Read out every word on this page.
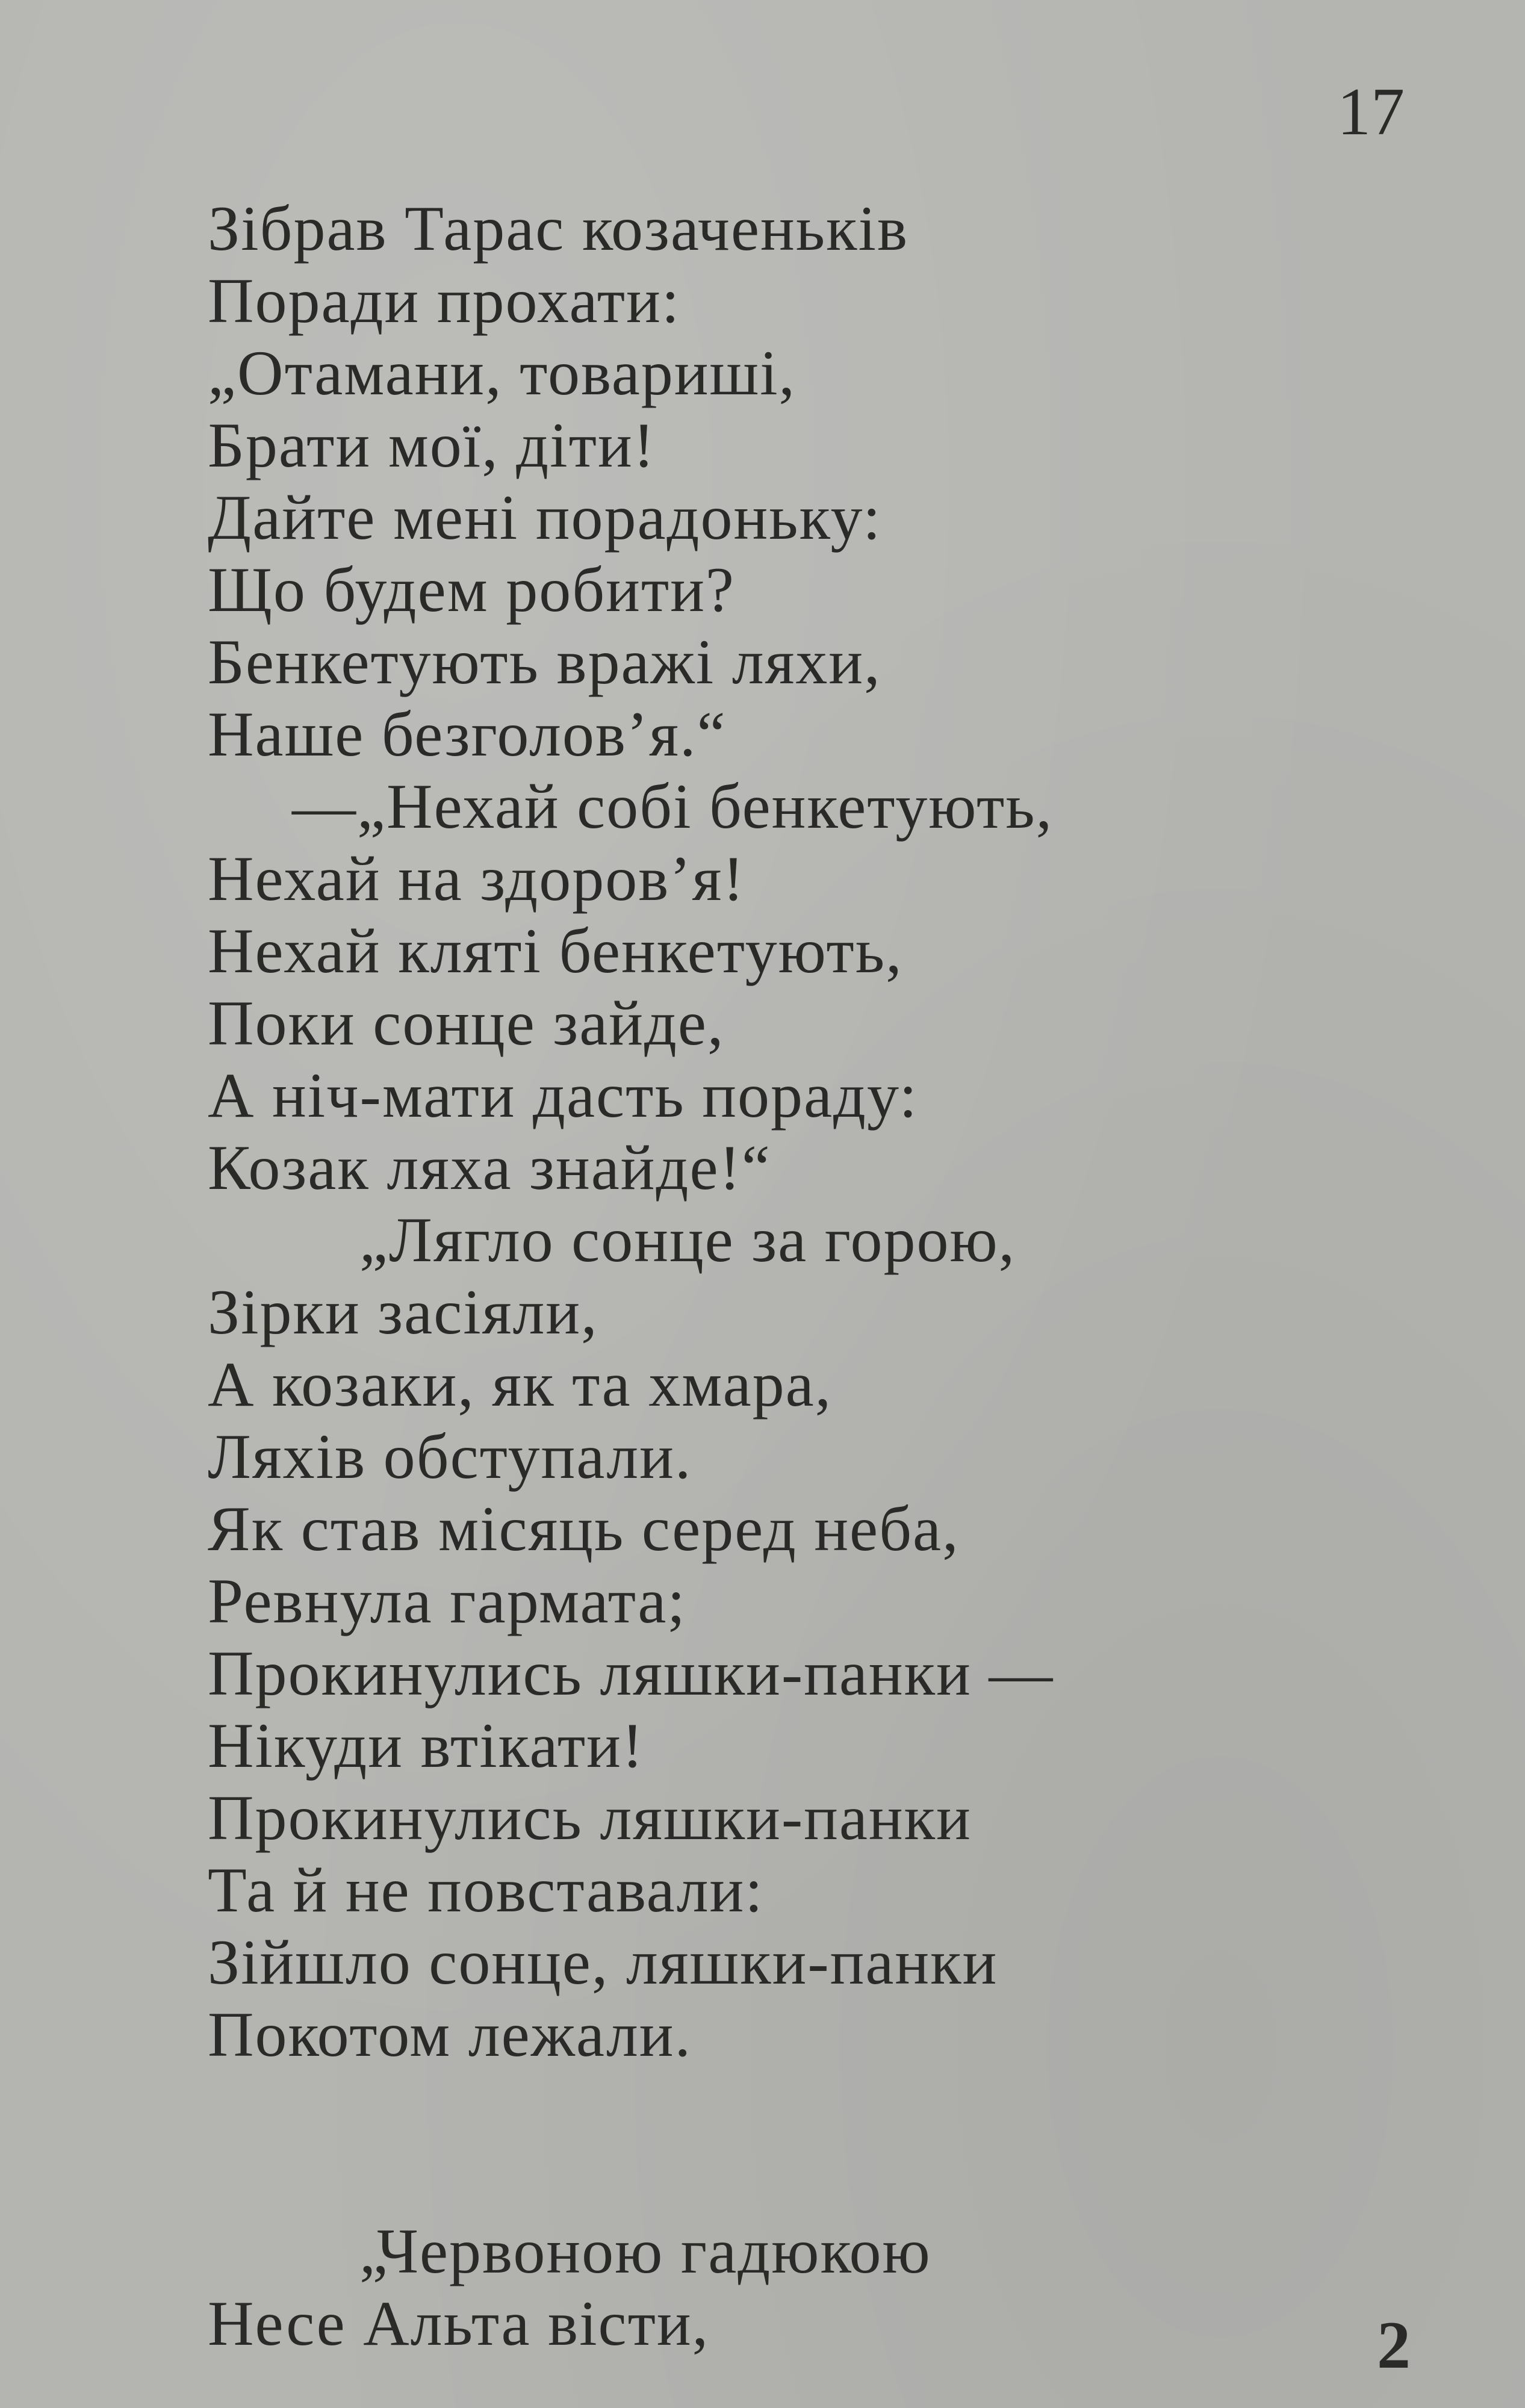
17
Зібрав Тарас козаченьків
Поради прохати:
„Отамани, товариші,
Брати мої, діти!
Дайте мені порадоньку:
Що будем робити?
Бенкетують вражі ляхи,
Наше безголов’я.“
—„Нехай собі бенкетують,
Нехай на здоров’я!
Нехай кляті бенкетують,
Поки сонце зайде,
А ніч-мати дасть пораду:
Козак ляха знайде!“
„Лягло сонце за горою,
Зірки засіяли,
А козаки, як та хмара,
Ляхів обступали.
Як став місяць серед неба,
Ревнула гармата;
Прокинулись ляшки-панки —
Нікуди втікати!
Прокинулись ляшки-панки
Та й не повставали:
Зійшло сонце, ляшки-панки
Покотом лежали.
„Червоною гадюкою
Несе Альта вісти,	2
